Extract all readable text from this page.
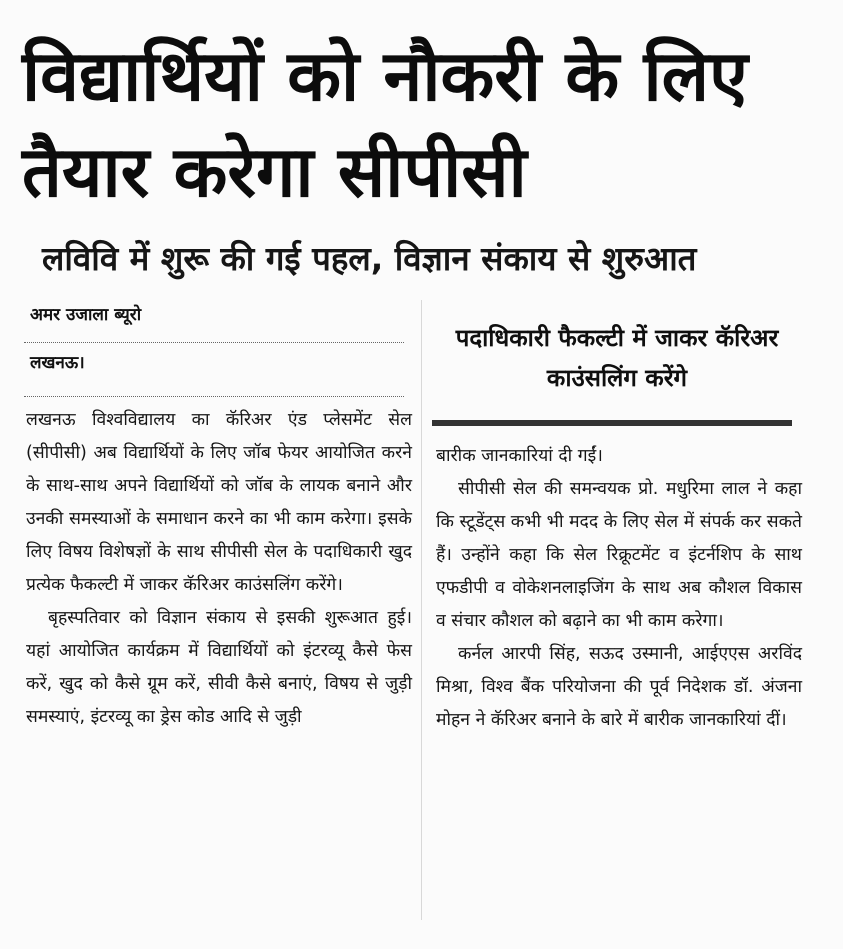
विद्यार्थियों को नौकरी के लिए तैयार करेगा सीपीसी
लविवि में शुरू की गई पहल, विज्ञान संकाय से शुरुआत
अमर उजाला ब्यूरो
लखनऊ।

लखनऊ विश्वविद्यालय का कॅरिअर एंड प्लेसमेंट सेल (सीपीसी) अब विद्यार्थियों के लिए जॉब फेयर आयोजित करने के साथ-साथ अपने विद्यार्थियों को जॉब के लायक बनाने और उनकी समस्याओं के समाधान करने का भी काम करेगा। इसके लिए विषय विशेषज्ञों के साथ सीपीसी सेल के पदाधिकारी खुद प्रत्येक फैकल्टी में जाकर कॅरिअर काउंसलिंग करेंगे।

बृहस्पतिवार को विज्ञान संकाय से इसकी शुरूआत हुई। यहां आयोजित कार्यक्रम में विद्यार्थियों को इंटरव्यू कैसे फेस करें, खुद को कैसे ग्रूम करें, सीवी कैसे बनाएं, विषय से जुड़ी समस्याएं, इंटरव्यू का ड्रेस कोड आदि से जुड़ी

पदाधिकारी फैकल्टी में जाकर कॅरिअर काउंसलिंग करेंगे

बारीक जानकारियां दी गईं।

सीपीसी सेल की समन्वयक प्रो. मधुरिमा लाल ने कहा कि स्टूडेंट्स कभी भी मदद के लिए सेल में संपर्क कर सकते हैं। उन्होंने कहा कि सेल रिक्रूटमेंट व इंटर्नशिप के साथ एफडीपी व वोकेशनलाइजिंग के साथ अब कौशल विकास व संचार कौशल को बढ़ाने का भी काम करेगा।

कर्नल आरपी सिंह, सऊद उस्मानी, आईएएस अरविंद मिश्रा, विश्व बैंक परियोजना की पूर्व निदेशक डॉ. अंजना मोहन ने कॅरिअर बनाने के बारे में बारीक जानकारियां दीं।
